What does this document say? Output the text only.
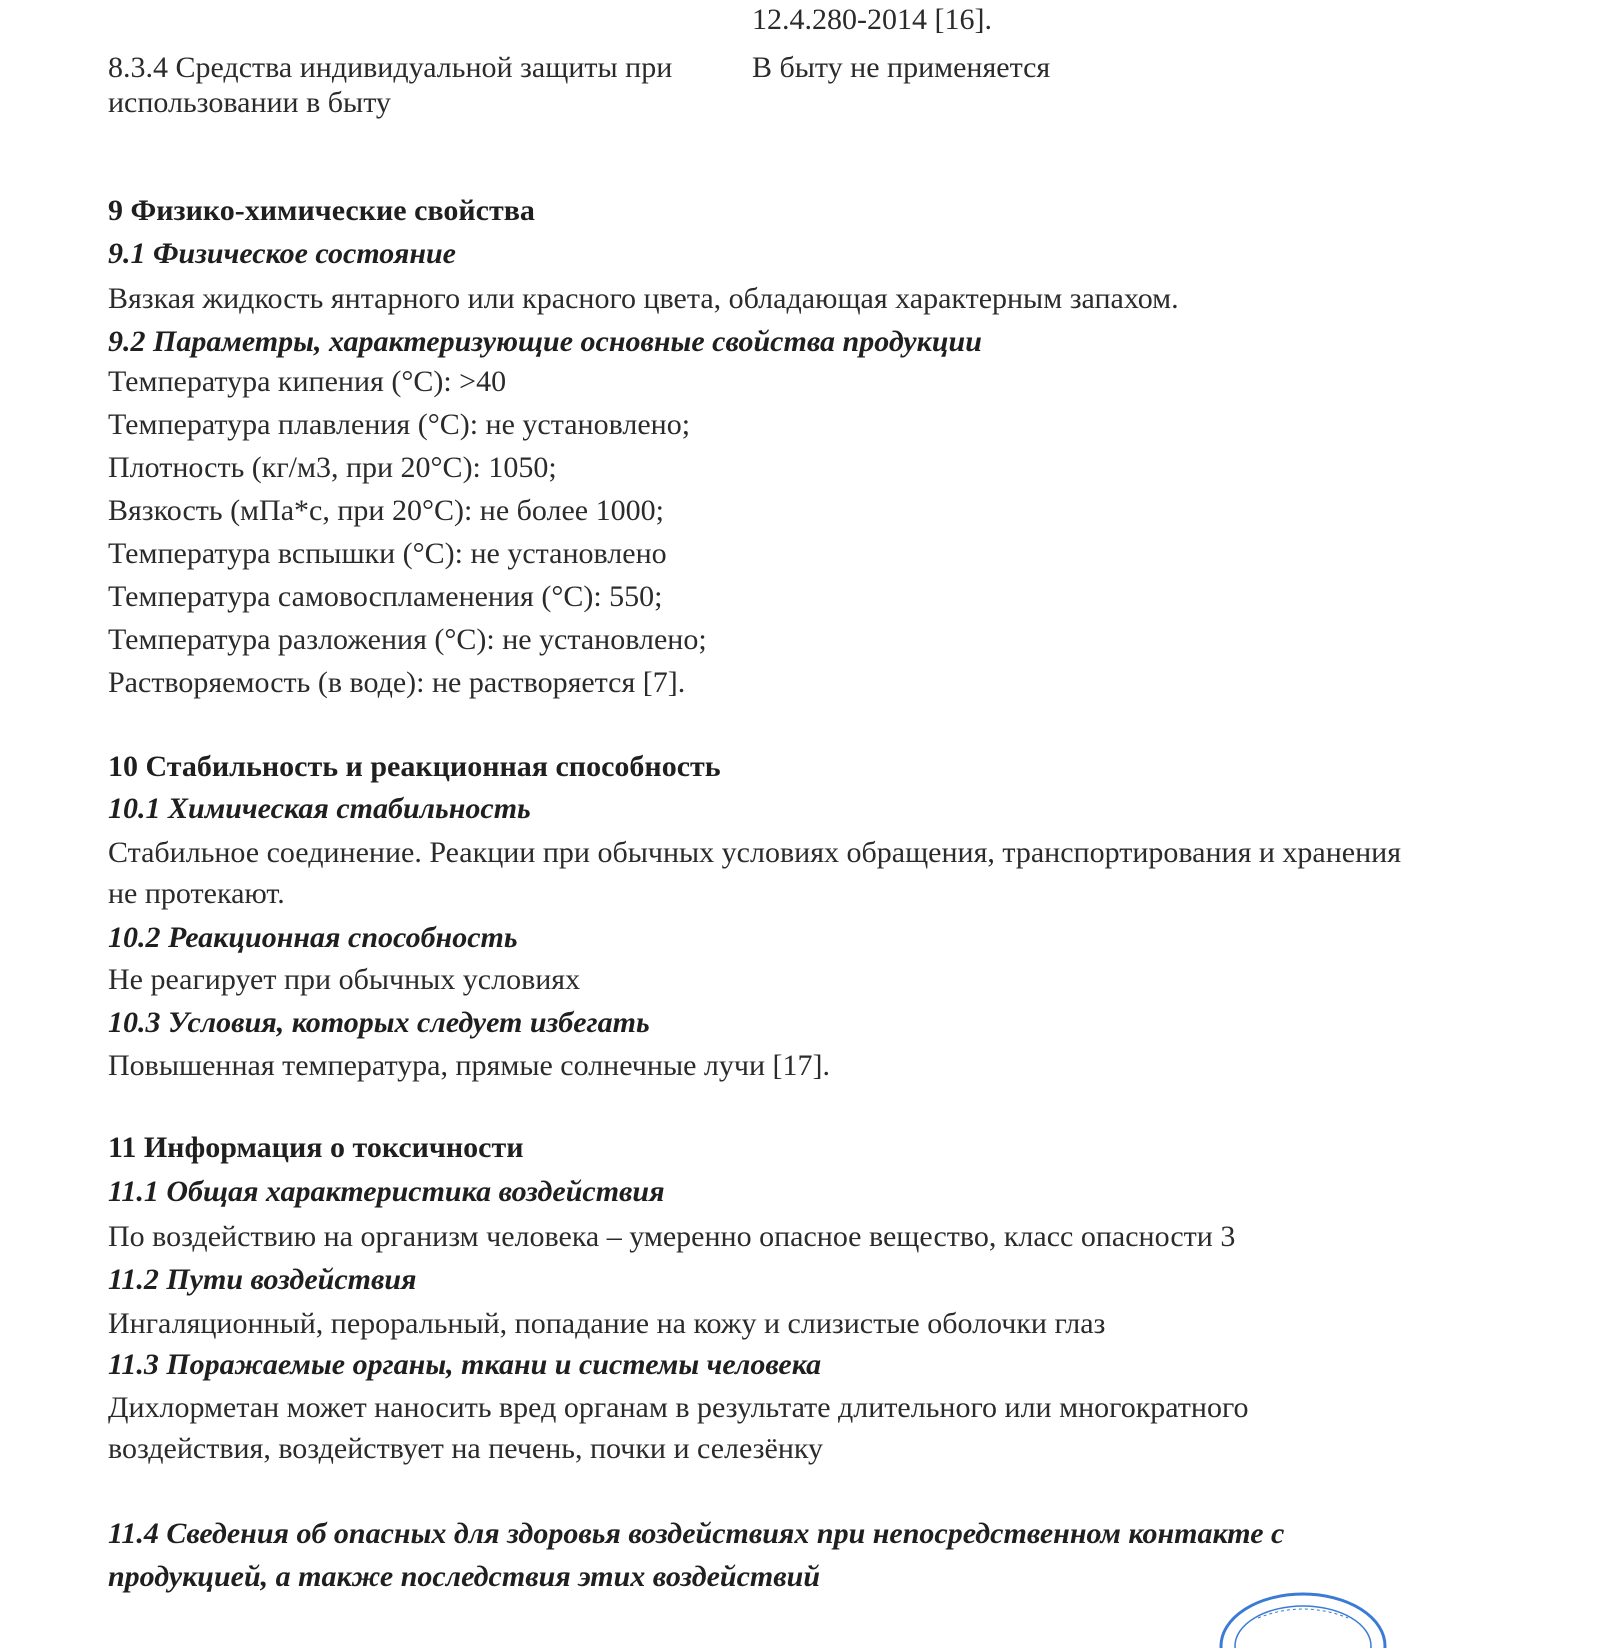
12.4.280-2014 [16].
8.3.4 Средства индивидуальной защиты при
использовании в быту
В быту не применяется
9 Физико-химические свойства
9.1 Физическое состояние
Вязкая жидкость янтарного или красного цвета, обладающая характерным запахом.
9.2 Параметры, характеризующие основные свойства продукции
Температура кипения (°С): >40
Температура плавления (°С): не установлено;
Плотность (кг/м3, при 20°С): 1050;
Вязкость (мПа*с, при 20°С): не более 1000;
Температура вспышки (°С): не установлено
Температура самовоспламенения (°С): 550;
Температура разложения (°С): не установлено;
Растворяемость (в воде): не растворяется [7].
10 Стабильность и реакционная способность
10.1 Химическая стабильность
Стабильное соединение. Реакции при обычных условиях обращения, транспортирования и хранения
не протекают.
10.2 Реакционная способность
Не реагирует при обычных условиях
10.3 Условия, которых следует избегать
Повышенная температура, прямые солнечные лучи [17].
11 Информация о токсичности
11.1 Общая характеристика воздействия
По воздействию на организм человека – умеренно опасное вещество, класс опасности 3
11.2 Пути воздействия
Ингаляционный, пероральный, попадание на кожу и слизистые оболочки глаз
11.3 Поражаемые органы, ткани и системы человека
Дихлорметан может наносить вред органам в результате длительного или многократного
воздействия, воздействует на печень, почки и селезёнку
11.4 Сведения об опасных для здоровья воздействиях при непосредственном контакте с
продукцией, а также последствия этих воздействий
